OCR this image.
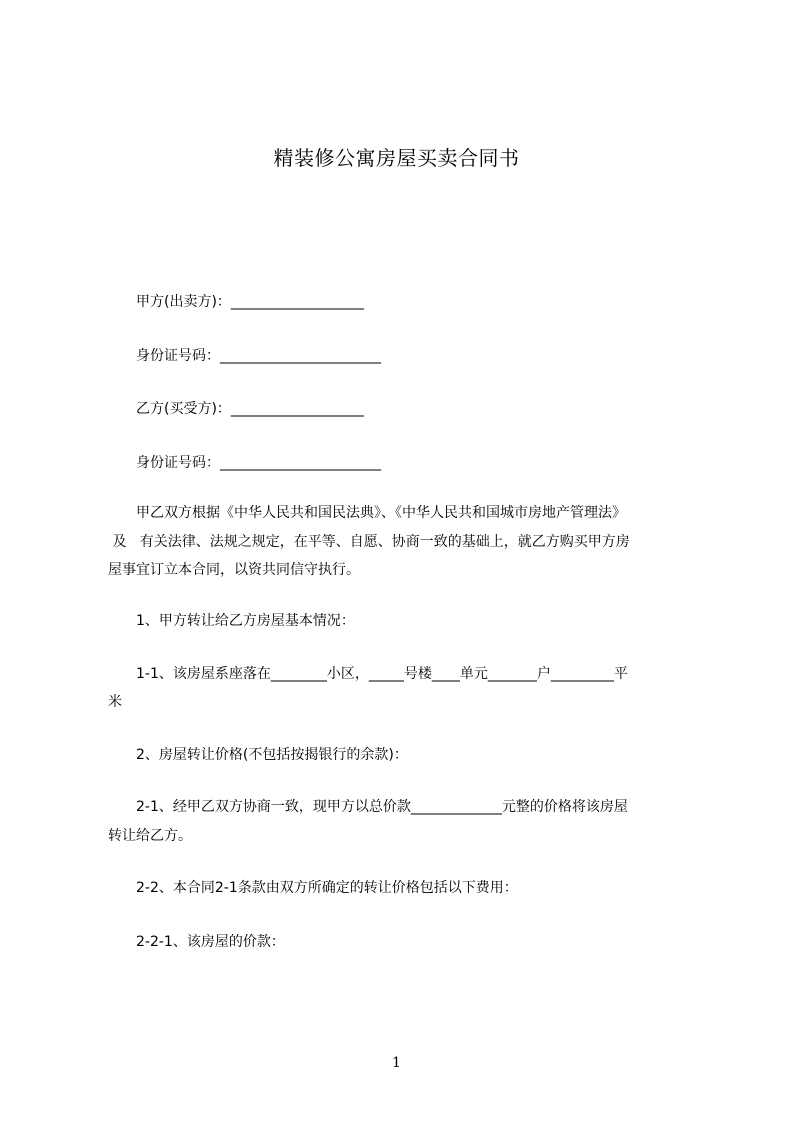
精装修公寓房屋买卖合同书
甲方(出卖方)：___________________
身份证号码：_______________________
乙方(买受方)：___________________
身份证号码：_______________________
甲乙双方根据《中华人民共和国民法典》、《中华人民共和国城市房地产管理法》
及   有关法律、法规之规定，在平等、自愿、协商一致的基础上，就乙方购买甲方房
屋事宜订立本合同，以资共同信守执行。
1、甲方转让给乙方房屋基本情况：
1-1、该房屋系座落在________小区，_____号楼____单元_______户_________平
米
2、房屋转让价格(不包括按揭银行的余款)：
2-1、经甲乙双方协商一致，现甲方以总价款_____________元整的价格将该房屋
转让给乙方。
2-2、本合同2-1条款由双方所确定的转让价格包括以下费用：
2-2-1、该房屋的价款：
1
